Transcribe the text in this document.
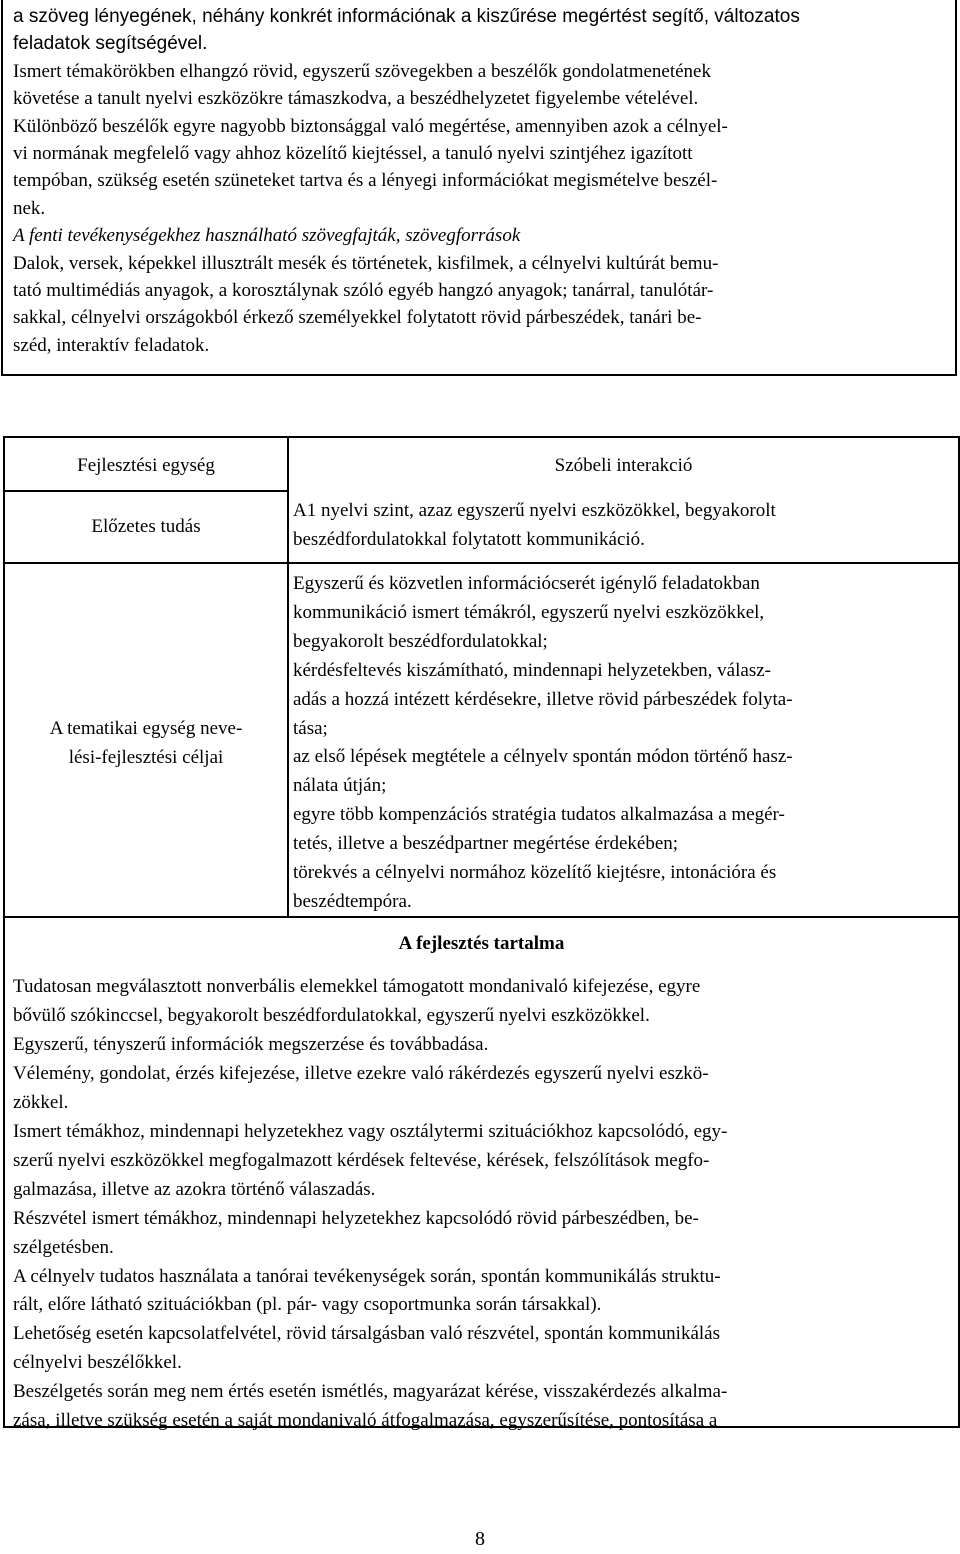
a szöveg lényegének, néhány konkrét információnak a kiszűrése megértést segítő, változatos
feladatok segítségével.
Ismert témakörökben elhangzó rövid, egyszerű szövegekben a beszélők gondolatmenetének
követése a tanult nyelvi eszközökre támaszkodva, a beszédhelyzetet figyelembe vételével.
Különböző beszélők egyre nagyobb biztonsággal való megértése, amennyiben azok a célnyel-
vi normának megfelelő vagy ahhoz közelítő kiejtéssel, a tanuló nyelvi szintjéhez igazított
tempóban, szükség esetén szüneteket tartva és a lényegi információkat megismételve beszél-
nek.
A fenti tevékenységekhez használható szövegfajták, szövegforrások
Dalok, versek, képekkel illusztrált mesék és történetek, kisfilmek, a célnyelvi kultúrát bemu-
tató multimédiás anyagok, a korosztálynak szóló egyéb hangzó anyagok; tanárral, tanulótár-
sakkal, célnyelvi országokból érkező személyekkel folytatott rövid párbeszédek, tanári be-
széd, interaktív feladatok.
Fejlesztési egység	Szóbeli interakció
Előzetes tudás
A1 nyelvi szint, azaz egyszerű nyelvi eszközökkel, begyakorolt
beszédfordulatokkal folytatott kommunikáció.
A tematikai egység neve-
lési-fejlesztési céljai
Egyszerű és közvetlen információcserét igénylő feladatokban
kommunikáció ismert témákról, egyszerű nyelvi eszközökkel,
begyakorolt beszédfordulatokkal;
kérdésfeltevés kiszámítható, mindennapi helyzetekben, válasz-
adás a hozzá intézett kérdésekre, illetve rövid párbeszédek folyta-
tása;
az első lépések megtétele a célnyelv spontán módon történő hasz-
nálata útján;
egyre több kompenzációs stratégia tudatos alkalmazása a megér-
tetés, illetve a beszédpartner megértése érdekében;
törekvés a célnyelvi normához közelítő kiejtésre, intonációra és
beszédtempóra.
A fejlesztés tartalma
Tudatosan megválasztott nonverbális elemekkel támogatott mondanivaló kifejezése, egyre
bővülő szókinccsel, begyakorolt beszédfordulatokkal, egyszerű nyelvi eszközökkel.
Egyszerű, tényszerű információk megszerzése és továbbadása.
Vélemény, gondolat, érzés kifejezése, illetve ezekre való rákérdezés egyszerű nyelvi eszkö-
zökkel.
Ismert témákhoz, mindennapi helyzetekhez vagy osztálytermi szituációkhoz kapcsolódó, egy-
szerű nyelvi eszközökkel megfogalmazott kérdések feltevése, kérések, felszólítások megfo-
galmazása, illetve az azokra történő válaszadás.
Részvétel ismert témákhoz, mindennapi helyzetekhez kapcsolódó rövid párbeszédben, be-
szélgetésben.
A célnyelv tudatos használata a tanórai tevékenységek során, spontán kommunikálás struktu-
rált, előre látható szituációkban (pl. pár- vagy csoportmunka során társakkal).
Lehetőség esetén kapcsolatfelvétel, rövid társalgásban való részvétel, spontán kommunikálás
célnyelvi beszélőkkel.
Beszélgetés során meg nem értés esetén ismétlés, magyarázat kérése, visszakérdezés alkalma-
zása, illetve szükség esetén a saját mondanivaló átfogalmazása, egyszerűsítése, pontosítása a
8
